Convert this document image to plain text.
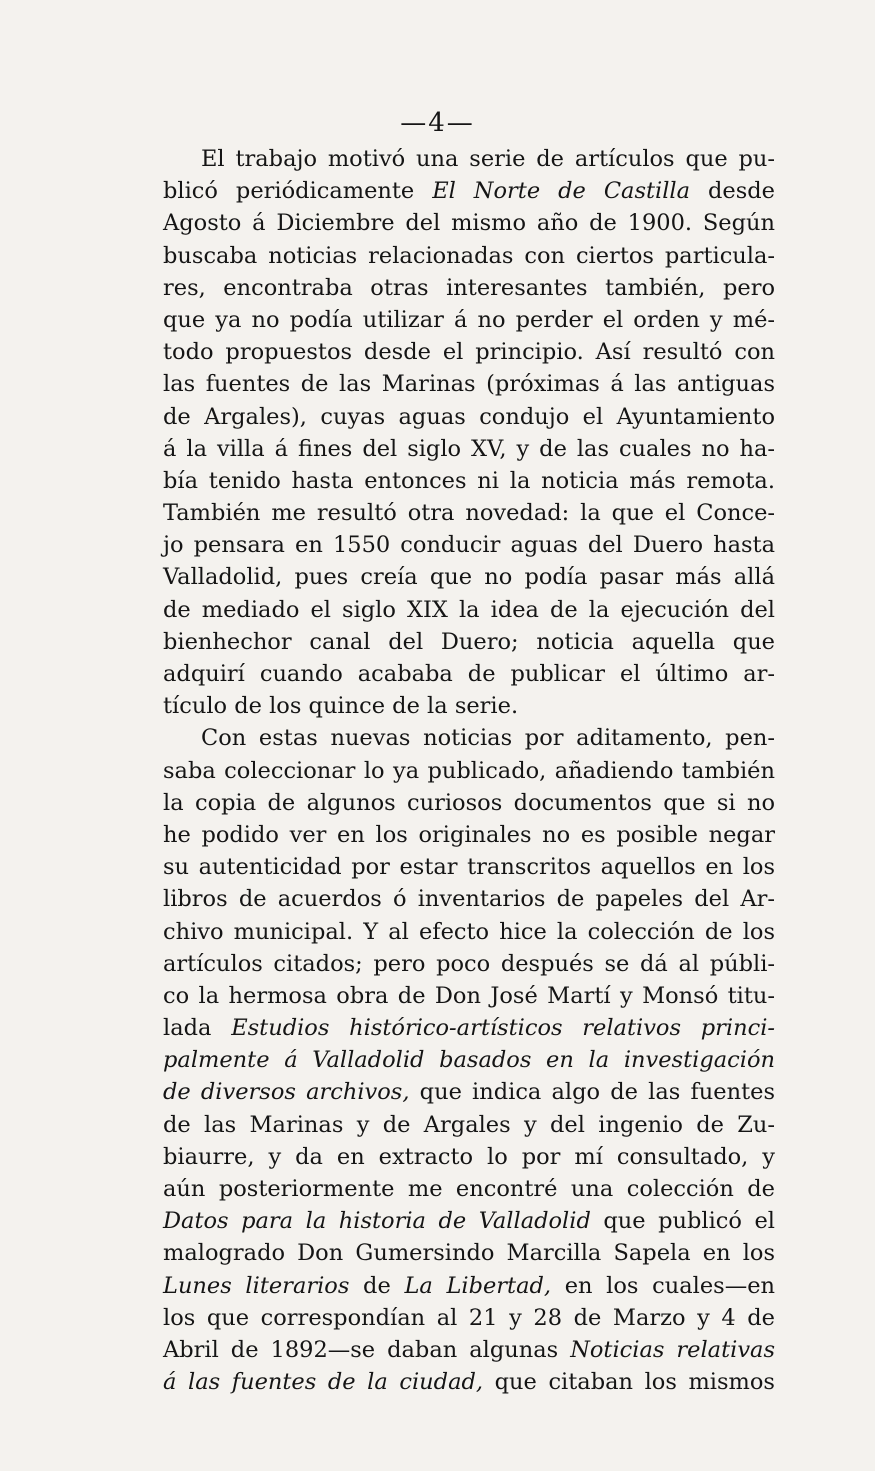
—4—
El trabajo motivó una serie de artículos que pu-
blicó periódicamente El Norte de Castilla desde
Agosto á Diciembre del mismo año de 1900. Según
buscaba noticias relacionadas con ciertos particula-
res, encontraba otras interesantes también, pero
que ya no podía utilizar á no perder el orden y mé-
todo propuestos desde el principio. Así resultó con
las fuentes de las Marinas (próximas á las antiguas
de Argales), cuyas aguas condujo el Ayuntamiento
á la villa á fines del siglo XV, y de las cuales no ha-
bía tenido hasta entonces ni la noticia más remota.
También me resultó otra novedad: la que el Conce-
jo pensara en 1550 conducir aguas del Duero hasta
Valladolid, pues creía que no podía pasar más allá
de mediado el siglo XIX la idea de la ejecución del
bienhechor canal del Duero; noticia aquella que
adquirí cuando acababa de publicar el último ar-
tículo de los quince de la serie.
Con estas nuevas noticias por aditamento, pen-
saba coleccionar lo ya publicado, añadiendo también
la copia de algunos curiosos documentos que si no
he podido ver en los originales no es posible negar
su autenticidad por estar transcritos aquellos en los
libros de acuerdos ó inventarios de papeles del Ar-
chivo municipal. Y al efecto hice la colección de los
artículos citados; pero poco después se dá al públi-
co la hermosa obra de Don José Martí y Monsó titu-
lada Estudios histórico-artísticos relativos princi-
palmente á Valladolid basados en la investigación
de diversos archivos, que indica algo de las fuentes
de las Marinas y de Argales y del ingenio de Zu-
biaurre, y da en extracto lo por mí consultado, y
aún posteriormente me encontré una colección de
Datos para la historia de Valladolid que publicó el
malogrado Don Gumersindo Marcilla Sapela en los
Lunes literarios de La Libertad, en los cuales—en
los que correspondían al 21 y 28 de Marzo y 4 de
Abril de 1892—se daban algunas Noticias relativas
á las fuentes de la ciudad, que citaban los mismos
